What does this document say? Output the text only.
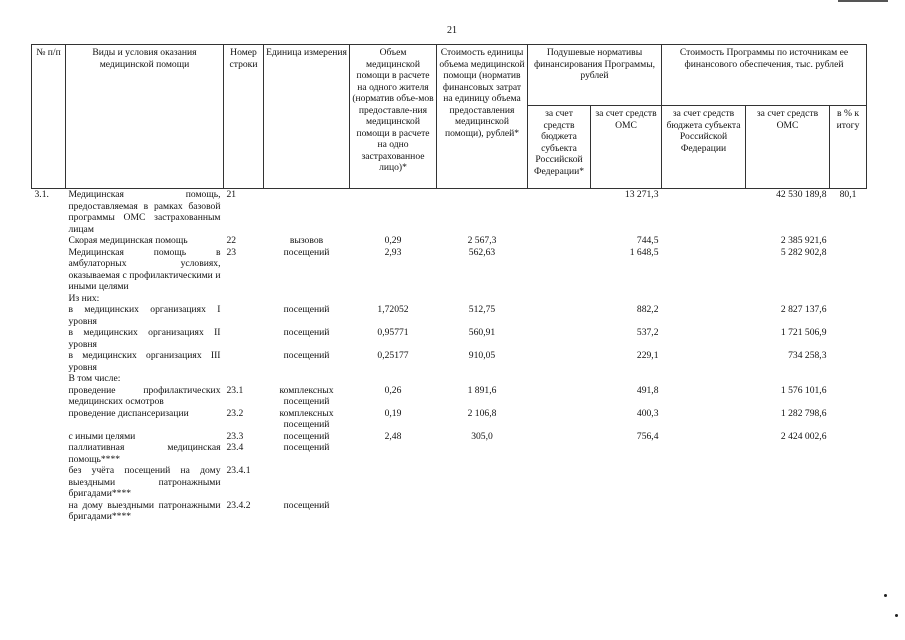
21
№ п/п	Виды и условия оказания медицинской помощи	Номер строки	Единица измерения	Объем медицинской помощи в расчете на одного жителя (норматив объе-мов предоставле-ния медицинской помощи в расчете на одно застрахованное лицо)*	Стоимость единицы объема медицинской помощи (норматив финансовых затрат на единицу объема предоставления медицинской помощи), рублей*	Подушевые нормативы финансирования Программы, рублей		Стоимость Программы по источникам ее финансового обеспечения, тыс. рублей		
						за счет средств бюджета субъекта Российской Федерации*	за счет средств ОМС	за счет средств бюджета субъекта Российской Федерации	за счет средств ОМС	в % к итогу
3.1.	Медицинская помощь, предоставляемая в рамках базовой программы ОМС застрахованным лицам	21					13 271,3		42 530 189,8	80,1
	Скорая медицинская помощь	22	вызовов	0,29	2 567,3		744,5		2 385 921,6	
	Медицинская помощь в амбулаторных условиях, оказываемая с профилактическими и иными целями	23	посещений	2,93	562,63		1 648,5		5 282 902,8	
	Из них:									
	в медицинских организациях I уровня		посещений	1,72052	512,75		882,2		2 827 137,6	
	в медицинских организациях II уровня		посещений	0,95771	560,91		537,2		1 721 506,9	
	в медицинских организациях III уровня		посещений	0,25177	910,05		229,1		734 258,3	
	В том числе:									
	проведение профилактических медицинских осмотров	23.1	комплексных посещений	0,26	1 891,6		491,8		1 576 101,6	
	проведение диспансеризации	23.2	комплексных посещений	0,19	2 106,8		400,3		1 282 798,6	
	с иными целями	23.3	посещений	2,48	305,0		756,4		2 424 002,6	
	паллиативная медицинская помощь****	23.4	посещений							
	без учёта посещений на дому выездными патронажными бригадами****	23.4.1								
	на дому выездными патронажными бригадами****	23.4.2	посещений							
